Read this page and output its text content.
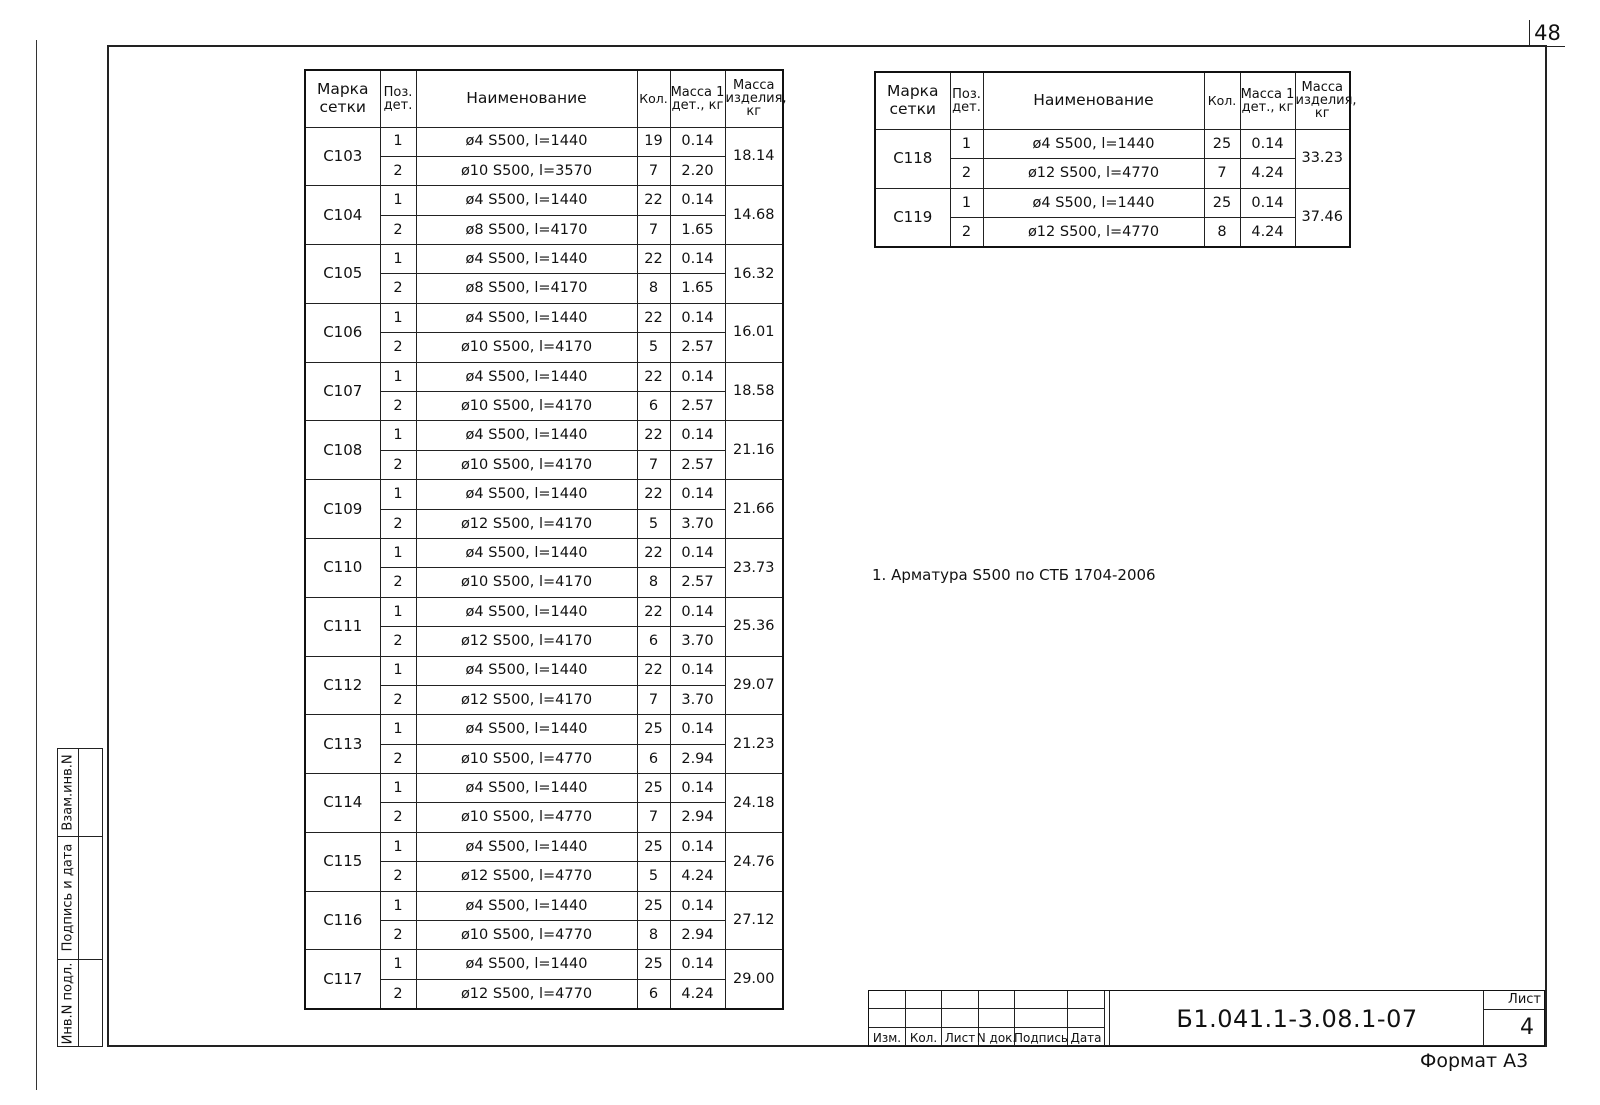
48
Взам.инв.N
Подпись и дата
Инв.N подл.
Марка сетки	Поз. дет.	Наименование	Кол.	Масса 1 дет., кг	Масса изделия, кг
С103	1	ø4 S500, l=1440	19	0.14	18.14
	2	ø10 S500, l=3570	7	2.20	
С104	1	ø4 S500, l=1440	22	0.14	14.68
	2	ø8 S500, l=4170	7	1.65	
С105	1	ø4 S500, l=1440	22	0.14	16.32
	2	ø8 S500, l=4170	8	1.65	
С106	1	ø4 S500, l=1440	22	0.14	16.01
	2	ø10 S500, l=4170	5	2.57	
С107	1	ø4 S500, l=1440	22	0.14	18.58
	2	ø10 S500, l=4170	6	2.57	
С108	1	ø4 S500, l=1440	22	0.14	21.16
	2	ø10 S500, l=4170	7	2.57	
С109	1	ø4 S500, l=1440	22	0.14	21.66
	2	ø12 S500, l=4170	5	3.70	
С110	1	ø4 S500, l=1440	22	0.14	23.73
	2	ø10 S500, l=4170	8	2.57	
С111	1	ø4 S500, l=1440	22	0.14	25.36
	2	ø12 S500, l=4170	6	3.70	
С112	1	ø4 S500, l=1440	22	0.14	29.07
	2	ø12 S500, l=4170	7	3.70	
С113	1	ø4 S500, l=1440	25	0.14	21.23
	2	ø10 S500, l=4770	6	2.94	
С114	1	ø4 S500, l=1440	25	0.14	24.18
	2	ø10 S500, l=4770	7	2.94	
С115	1	ø4 S500, l=1440	25	0.14	24.76
	2	ø12 S500, l=4770	5	4.24	
С116	1	ø4 S500, l=1440	25	0.14	27.12
	2	ø10 S500, l=4770	8	2.94	
С117	1	ø4 S500, l=1440	25	0.14	29.00
	2	ø12 S500, l=4770	6	4.24	
Марка сетки	Поз. дет.	Наименование	Кол.	Масса 1 дет., кг	Масса изделия, кг
С118	1	ø4 S500, l=1440	25	0.14	33.23
	2	ø12 S500, l=4770	7	4.24	
С119	1	ø4 S500, l=1440	25	0.14	37.46
	2	ø12 S500, l=4770	8	4.24	
1. Арматура S500 по СТБ 1704-2006
Изм. Кол. Лист N док.
Подпись Дата
Б1.041.1-3.08.1-07
Лист
4
Формат А3
